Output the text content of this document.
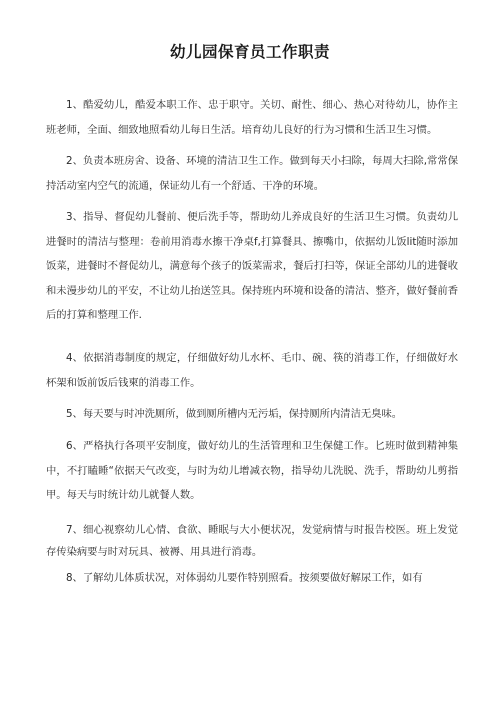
幼儿园保育员工作职责

1、酷爱幼儿，酷爱本职工作、忠于职守。关切、耐性、细心、热心对待幼儿，协作主班老师，全面、细致地照看幼儿每日生活。培育幼儿良好的行为习惯和生活卫生习惯。

2、负责本班房舍、设备、环境的清洁卫生工作。做到每天小扫除，每周大扫除,常常保持活动室内空气的流通，保证幼儿有一个舒适、干净的环境。

3、指导、督促幼儿餐前、便后洗手等，帮助幼儿养成良好的生活卫生习惯。负责幼儿进餐时的清洁与整理：卷前用消毒水擦干净桌f,打算餐具、擦嘴巾，依据幼儿饭lit随时添加饭菜，进餐时不督促幼儿，满意每个孩子的饭菜需求，餐后打扫等，保证全部幼儿的进餐收和未漫步幼儿的平安，不让幼儿抬送笠具。保持班内环境和设备的清洁、整齐，做好餐前香后的打算和整理工作.

4、依据消毒制度的规定，仔细做好幼儿水杯、毛巾、碗、筷的消毒工作，仔细做好水杯架和饭前饭后钱柬的消毒工作。

5、每天要与时冲洗厕所，做到厕所槽内无污垢，保持厕所内清洁无臭味。

6、严格执行各项平安制度，做好幼儿的生活管理和卫生保健工作。匕班时做到精神集中，不打瞌睡“依据天气改变，与时为幼儿增减衣物，指导幼儿洗脱、洗手，帮助幼儿剪指甲。每天与时统计幼儿就餐人数。

7、细心视察幼儿心情、食欲、睡眠与大小便状况，发觉病情与时报告校医。班上发觉存传染病要与时对玩具、被褥、用具进行消毒。

8、了解幼儿体质状况，对体弱幼儿要作特别照看。按须要做好解尿工作，如有
